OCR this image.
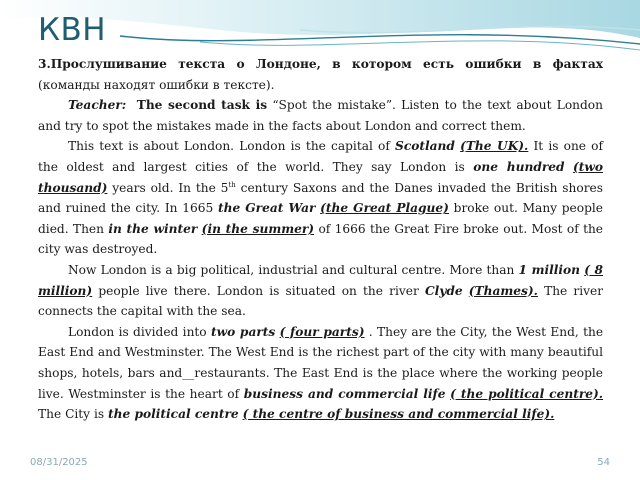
КВН

3.Прослушивание текста о Лондоне, в котором есть ошибки в фактах (команды находят ошибки в тексте).

Teacher: The second task is “Spot the mistake”. Listen to the text about London and try to spot the mistakes made in the facts about London and correct them.

This text is about London. London is the capital of Scotland (The UK). It is one of the oldest and largest cities of the world. They say London is one hundred (two thousand) years old. In the 5th century Saxons and the Danes invaded the British shores and ruined the city. In 1665 the Great War (the Great Plague) broke out. Many people died. Then in the winter (in the summer) of 1666 the Great Fire broke out. Most of the city was destroyed.

Now London is a big political, industrial and cultural centre. More than 1 million ( 8 million) people live there. London is situated on the river Clyde (Thames). The river connects the capital with the sea.

London is divided into two parts ( four parts) . They are the City, the West End, the East End and Westminster. The West End is the richest part of the city with many beautiful shops, hotels, bars and__restaurants. The East End is the place where the working people live. Westminster is the heart of business and commercial life ( the political centre). The City is the political centre ( the centre of business and commercial life).

08/31/2025	54
